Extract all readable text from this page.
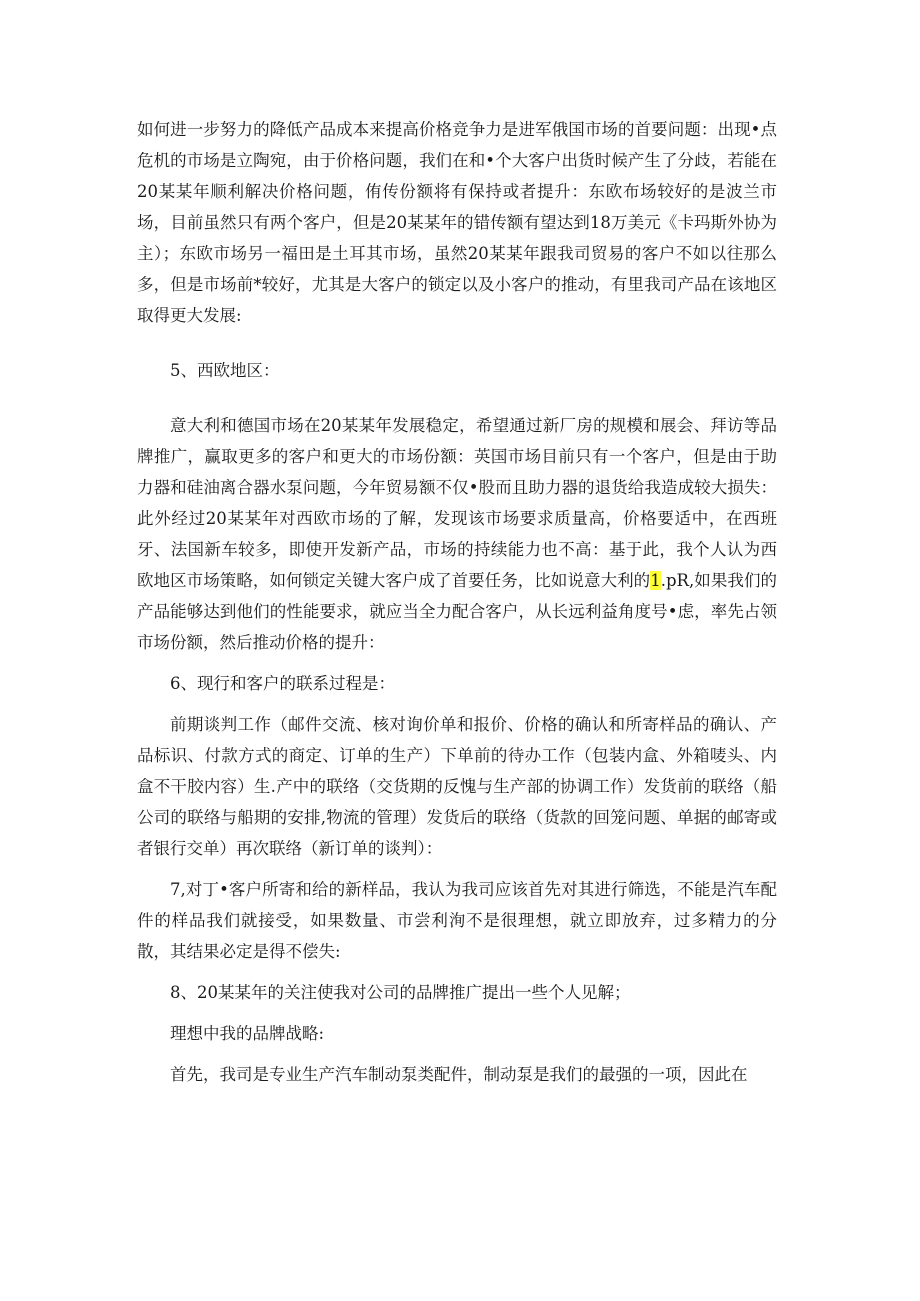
如何进一步努力的降低产品成本来提高价格竞争力是进军俄国市场的首要问题：出现•点危机的市场是立陶宛，由于价格问题，我们在和•个大客户出货时候产生了分歧，若能在20某某年顺利解决价格问题，侑传份额将有保持或者提升：东欧布场较好的是波兰市场，目前虽然只有两个客户，但是20某某年的错传额有望达到18万美元《卡玛斯外协为主）；东欧市场另一福田是土耳其市场，虽然20某某年跟我司贸易的客户不如以往那么多，但是市场前*较好，尤其是大客户的锁定以及小客户的推动，有里我司产品在该地区取得更大发展:

5、西欧地区：

意大利和德国市场在20某某年发展稳定，希望通过新厂房的规模和展会、拜访等品牌推广，赢取更多的客户和更大的市场份额：英国市场目前只有一个客户，但是由于助力器和硅油离合器水泵问题，今年贸易额不仅•股而且助力器的退货给我造成较大损失：此外经过20某某年对西欧市场的了解，发现该市场要求质量高，价格要适中，在西班牙、法国新车较多，即使开发新产品，市场的持续能力也不高：基于此，我个人认为西欧地区市场策略，如何锁定关键大客户成了首要任务，比如说意大利的1.pR,如果我们的产品能够达到他们的性能要求，就应当全力配合客户，从长远利益角度号•虑，率先占领市场份额，然后推动价格的提升：

6、现行和客户的联系过程是：

前期谈判工作（邮件交流、核对询价单和报价、价格的确认和所寄样品的确认、产品标识、付款方式的商定、订单的生产）下单前的待办工作（包装内盒、外箱唛头、内盒不干胶内容）生.产中的联络（交货期的反愧与生产部的协调工作）发货前的联络（船公司的联络与船期的安排,物流的管理）发货后的联络（货款的回笼问题、单据的邮寄或者银行交单）再次联络（新订单的谈判）：

7,对丁•客户所寄和给的新样品，我认为我司应该首先对其进行筛选，不能是汽车配件的样品我们就接受，如果数量、市尝利洵不是很理想，就立即放弃，过多精力的分散，其结果必定是得不偿失:

8、20某某年的关注使我对公司的品牌推广提出一些个人见解；

理想中我的品牌战略:

首先，我司是专业生产汽车制动泵类配件，制动泵是我们的最强的一项，因此在
